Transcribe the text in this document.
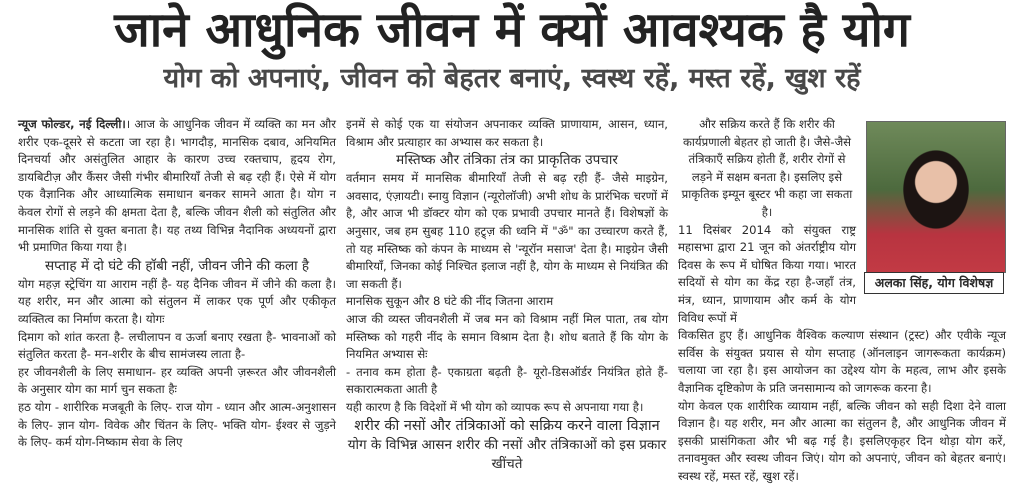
जाने आधुनिक जीवन में क्यों आवश्यक है योग
योग को अपनाएं, जीवन को बेहतर बनाएं, स्वस्थ रहें, मस्त रहें, खुश रहें

न्यूज फोल्डर, नई दिल्ली।। आज के आधुनिक जीवन में व्यक्ति का मन और शरीर एक-दूसरे से कटता जा रहा है। भागदौड़, मानसिक दबाव, अनियमित दिनचर्या और असंतुलित आहार के कारण उच्च रक्तचाप, हृदय रोग, डायबिटीज़ और कैंसर जैसी गंभीर बीमारियाँ तेजी से बढ़ रही हैं। ऐसे में योग एक वैज्ञानिक और आध्यात्मिक समाधान बनकर सामने आता है। योग न केवल रोगों से लड़ने की क्षमता देता है, बल्कि जीवन शैली को संतुलित और मानसिक शांति से युक्त बनाता है। यह तथ्य विभिन्न नैदानिक अध्ययनों द्वारा भी प्रमाणित किया गया है।

सप्ताह में दो घंटे की हॉबी नहीं, जीवन जीने की कला है

योग महज़ स्ट्रेचिंग या आराम नहीं है- यह दैनिक जीवन में जीने की कला है। यह शरीर, मन और आत्मा को संतुलन में लाकर एक पूर्ण और एकीकृत व्यक्तित्व का निर्माण करता है। योगः

दिमाग को शांत करता है- लचीलापन व ऊर्जा बनाए रखता है- भावनाओं को संतुलित करता है- मन-शरीर के बीच सामंजस्य लाता है-

हर जीवनशैली के लिए समाधान- हर व्यक्ति अपनी ज़रूरत और जीवनशैली के अनुसार योग का मार्ग चुन सकता हैः

हठ योग - शारीरिक मजबूती के लिए- राज योग - ध्यान और आत्म-अनुशासन के लिए- ज्ञान योग- विवेक और चिंतन के लिए- भक्ति योग- ईश्वर से जुड़ने के लिए- कर्म योग-निष्काम सेवा के लिए

इनमें से कोई एक या संयोजन अपनाकर व्यक्ति प्राणायाम, आसन, ध्यान, विश्राम और प्रत्याहार का अभ्यास कर सकता है।

मस्तिष्क और तंत्रिका तंत्र का प्राकृतिक उपचार

वर्तमान समय में मानसिक बीमारियाँ तेजी से बढ़ रही हैं- जैसे माइग्रेन, अवसाद, एंज़ायटी। स्नायु विज्ञान (न्यूरोलॉजी) अभी शोध के प्रारंभिक चरणों में है, और आज भी डॉक्टर योग को एक प्रभावी उपचार मानते हैं। विशेषज्ञों के अनुसार, जब हम सुबह 110 हट्र्ज़ की ध्वनि में "ॐ" का उच्चारण करते हैं, तो यह मस्तिष्क को कंपन के माध्यम से 'न्यूरॉन मसाज' देता है। माइग्रेन जैसी बीमारियाँ, जिनका कोई निश्चित इलाज नहीं है, योग के माध्यम से नियंत्रित की जा सकती हैं।

मानसिक सुकून और 8 घंटे की नींद जितना आराम

आज की व्यस्त जीवनशैली में जब मन को विश्राम नहीं मिल पाता, तब योग मस्तिष्क को गहरी नींद के समान विश्राम देता है। शोध बताते हैं कि योग के नियमित अभ्यास सेः

- तनाव कम होता है- एकाग्रता बढ़ती है- यूरो-डिसऑर्डर नियंत्रित होते हैं- सकारात्मकता आती है

यही कारण है कि विदेशों में भी योग को व्यापक रूप से अपनाया गया है।

शरीर की नसों और तंत्रिकाओं को सक्रिय करने वाला विज्ञान

योग के विभिन्न आसन शरीर की नसों और तंत्रिकाओं को इस प्रकार खींचते

और सक्रिय करते हैं कि शरीर की कार्यप्रणाली बेहतर हो जाती है। जैसे-जैसे तंत्रिकाएँ सक्रिय होती हैं, शरीर रोगों से लड़ने में सक्षम बनता है। इसलिए इसे प्राकृतिक इम्यून बूस्टर भी कहा जा सकता है।

11 दिसंबर 2014 को संयुक्त राष्ट्र महासभा द्वारा 21 जून को अंतर्राष्ट्रीय योग दिवस के रूप में घोषित किया गया। भारत सदियों से योग का केंद्र रहा है-जहाँ तंत्र, मंत्र, ध्यान, प्राणायाम और कर्म के योग विविध रूपों में

विकसित हुए हैं। आधुनिक वैश्विक कल्याण संस्थान (ट्रस्ट) और एवीके न्यूज सर्विस के संयुक्त प्रयास से योग सप्ताह (ऑनलाइन जागरूकता कार्यक्रम) चलाया जा रहा है। इस आयोजन का उद्देश्य योग के महत्व, लाभ और इसके वैज्ञानिक दृष्टिकोण के प्रति जनसामान्य को जागरूक करना है।

योग केवल एक शारीरिक व्यायाम नहीं, बल्कि जीवन को सही दिशा देने वाला विज्ञान है। यह शरीर, मन और आत्मा का संतुलन है, और आधुनिक जीवन में इसकी प्रासंगिकता और भी बढ़ गई है। इसलिएकृहर दिन थोड़ा योग करें, तनावमुक्त और स्वस्थ जीवन जिएं। योग को अपनाएं, जीवन को बेहतर बनाएं। स्वस्थ रहें, मस्त रहें, खुश रहें।

अलका सिंह, योग विशेषज्ञ
